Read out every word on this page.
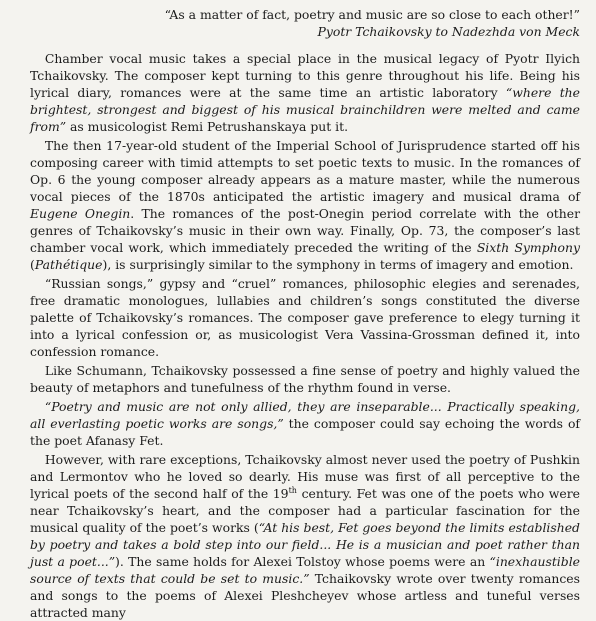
“As a matter of fact, poetry and music are so close to each other!”
Pyotr Tchaikovsky to Nadezhda von Meck

Chamber vocal music takes a special place in the musical legacy of Pyotr Ilyich Tchaikovsky. The composer kept turning to this genre throughout his life. Being his lyrical diary, romances were at the same time an artistic laboratory “where the brightest, strongest and biggest of his musical brainchildren were melted and came from” as musicologist Remi Petrushanskaya put it.

The then 17-year-old student of the Imperial School of Jurisprudence started off his composing career with timid attempts to set poetic texts to music. In the romances of Op. 6 the young composer already appears as a mature master, while the numerous vocal pieces of the 1870s anticipated the artistic imagery and musical drama of Eugene Onegin. The romances of the post-Onegin period correlate with the other genres of Tchaikovsky’s music in their own way. Finally, Op. 73, the composer’s last chamber vocal work, which immediately preceded the writing of the Sixth Symphony (Pathétique), is surprisingly similar to the symphony in terms of imagery and emotion.

“Russian songs,” gypsy and “cruel” romances, philosophic elegies and serenades, free dramatic monologues, lullabies and children’s songs constituted the diverse palette of Tchaikovsky’s romances. The composer gave preference to elegy turning it into a lyrical confession or, as musicologist Vera Vassina-Grossman defined it, into confession romance.

Like Schumann, Tchaikovsky possessed a fine sense of poetry and highly valued the beauty of metaphors and tunefulness of the rhythm found in verse.

“Poetry and music are not only allied, they are inseparable... Practically speaking, all everlasting poetic works are songs,” the composer could say echoing the words of the poet Afanasy Fet.

However, with rare exceptions, Tchaikovsky almost never used the poetry of Pushkin and Lermontov who he loved so dearly. His muse was first of all perceptive to the lyrical poets of the second half of the 19th century. Fet was one of the poets who were near Tchaikovsky’s heart, and the composer had a particular fascination for the musical quality of the poet’s works (“At his best, Fet goes beyond the limits established by poetry and takes a bold step into our field... He is a musician and poet rather than just a poet...”). The same holds for Alexei Tolstoy whose poems were an “inexhaustible source of texts that could be set to music.” Tchaikovsky wrote over twenty romances and songs to the poems of Alexei Pleshcheyev whose artless and tuneful verses attracted many
